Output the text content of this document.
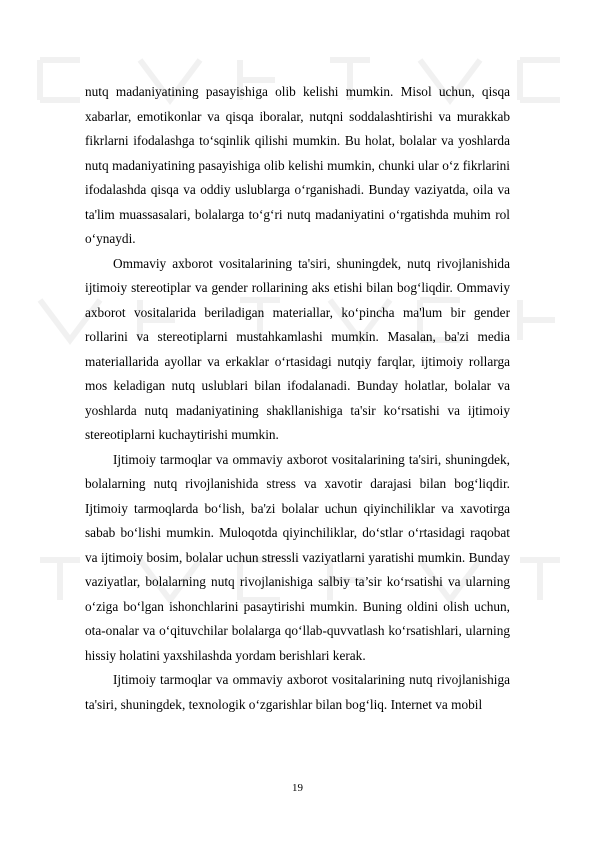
nutq madaniyatining pasayishiga olib kelishi mumkin. Misol uchun, qisqa xabarlar, emotikonlar va qisqa iboralar, nutqni soddalashtirishi va murakkab fikrlarni ifodalashga to‘sqinlik qilishi mumkin. Bu holat, bolalar va yoshlarda nutq madaniyatining pasayishiga olib kelishi mumkin, chunki ular o‘z fikrlarini ifodalashda qisqa va oddiy uslublarga o‘rganishadi. Bunday vaziyatda, oila va ta'lim muassasalari, bolalarga to‘g‘ri nutq madaniyatini o‘rgatishda muhim rol o‘ynaydi.

Ommaviy axborot vositalarining ta'siri, shuningdek, nutq rivojlanishida ijtimoiy stereotiplar va gender rollarining aks etishi bilan bog‘liqdir. Ommaviy axborot vositalarida beriladigan materiallar, ko‘pincha ma'lum bir gender rollarini va stereotiplarni mustahkamlashi mumkin. Masalan, ba'zi media materiallarida ayollar va erkaklar o‘rtasidagi nutqiy farqlar, ijtimoiy rollarga mos keladigan nutq uslublari bilan ifodalanadi. Bunday holatlar, bolalar va yoshlarda nutq madaniyatining shakllanishiga ta'sir ko‘rsatishi va ijtimoiy stereotiplarni kuchaytirishi mumkin.

Ijtimoiy tarmoqlar va ommaviy axborot vositalarining ta'siri, shuningdek, bolalarning nutq rivojlanishida stress va xavotir darajasi bilan bog‘liqdir. Ijtimoiy tarmoqlarda bo‘lish, ba'zi bolalar uchun qiyinchiliklar va xavotirga sabab bo‘lishi mumkin. Muloqotda qiyinchiliklar, do‘stlar o‘rtasidagi raqobat va ijtimoiy bosim, bolalar uchun stressli vaziyatlarni yaratishi mumkin. Bunday vaziyatlar, bolalarning nutq rivojlanishiga salbiy ta’sir ko‘rsatishi va ularning o‘ziga bo‘lgan ishonchlarini pasaytirishi mumkin. Buning oldini olish uchun, ota-onalar va o‘qituvchilar bolalarga qo‘llab-quvvatlash ko‘rsatishlari, ularning hissiy holatini yaxshilashda yordam berishlari kerak.

Ijtimoiy tarmoqlar va ommaviy axborot vositalarining nutq rivojlanishiga ta'siri, shuningdek, texnologik o‘zgarishlar bilan bog‘liq. Internet va mobil

19
